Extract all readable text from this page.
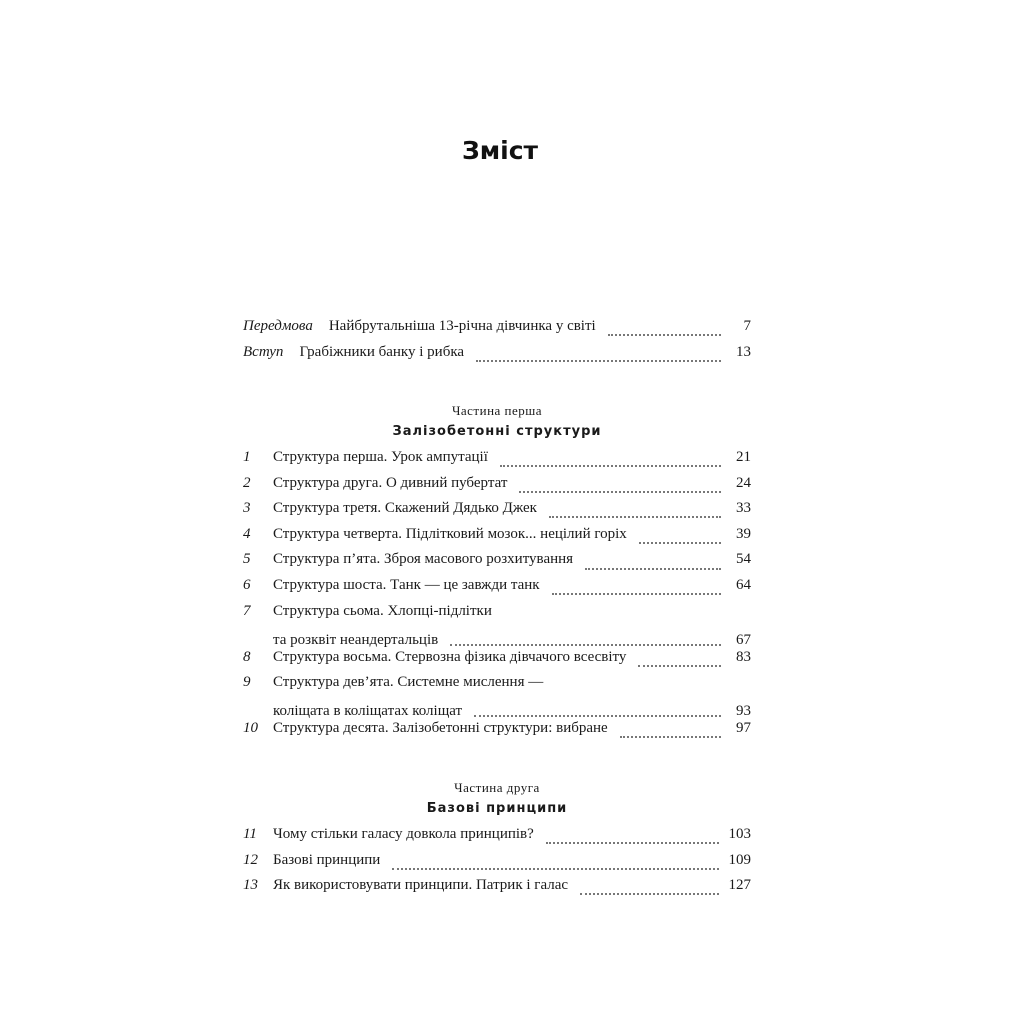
Зміст
Передмова Найбрутальніша 13-річна дівчинка у світі	7
Вступ Грабіжники банку і рибка	13

Частина перша

Залізобетонні структури

1	Структура перша. Урок ампутації	21
2	Структура друга. О дивний пубертат	24
3	Структура третя. Скажений Дядько Джек	33
4	Структура четверта. Підлітковий мозок... нецілий горіх	39
5	Структура п’ята. Зброя масового розхитування	54
6	Структура шоста. Танк — це завжди танк	64
7	Структура сьома. Хлопці-підлітки
та розквіт неандертальців	67
8	Структура восьма. Стервозна фізика дівчачого всесвіту	83
9	Структура дев’ята. Системне мислення —
коліщата в коліщатах коліщат	93
10	Структура десята. Залізобетонні структури: вибране	97

Частина друга

Базові принципи

11	Чому стільки галасу довкола принципів?	103
12	Базові принципи	109
13	Як використовувати принципи. Патрик і галас	127
